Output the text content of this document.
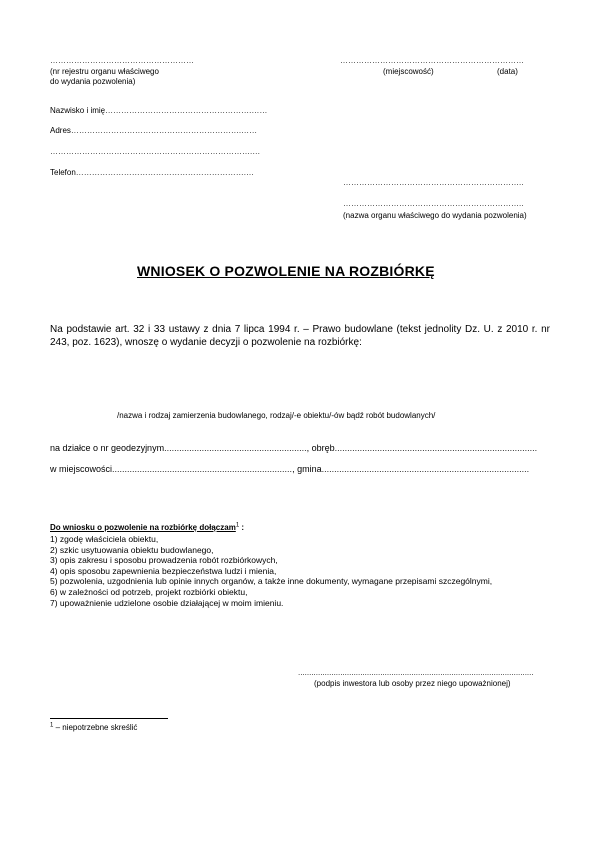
………………………………………………
(nr rejestru organu właściwego
do wydania pozwolenia)
……………………………………………………………
(miejscowość)	(data)
Nazwisko i imię……………………………………………….……
Adres……………………………………………………….……
………………………………………………………………….…
Telefon……………………………………………………….…
…………………………………………………………..
…………………………………………………………..
(nazwa organu właściwego do wydania pozwolenia)
WNIOSEK O POZWOLENIE NA ROZBIÓRKĘ
Na podstawie art. 32 i 33 ustawy z dnia 7 lipca 1994 r. – Prawo budowlane (tekst jednolity Dz. U. z 2010 r. nr 243, poz. 1623), wnoszę o wydanie decyzji o pozwolenie na rozbiórkę:
/nazwa i rodzaj zamierzenia budowlanego, rodzaj/-e obiektu/-ów bądź robót budowlanych/
na działce o nr geodezyjnym........................................................., obręb.................................................................................
w miejscowości........................................................................, gmina...................................................................................
Do wniosku o pozwolenie na rozbiórkę dołączam$^1$ :
1) zgodę właściciela obiektu,
2) szkic usytuowania obiektu budowlanego,
3) opis zakresu i sposobu prowadzenia robót rozbiórkowych,
4) opis sposobu zapewnienia bezpieczeństwa ludzi i mienia,
5) pozwolenia, uzgodnienia lub opinie innych organów, a także inne dokumenty, wymagane przepisami szczególnymi,
6) w zależności od potrzeb, projekt rozbiórki obiektu,
7) upoważnienie udzielone osobie działającej w moim imieniu.
..........................................................................................................
(podpis inwestora lub osoby przez niego upoważnionej)
$^1$ – niepotrzebne skreślić
